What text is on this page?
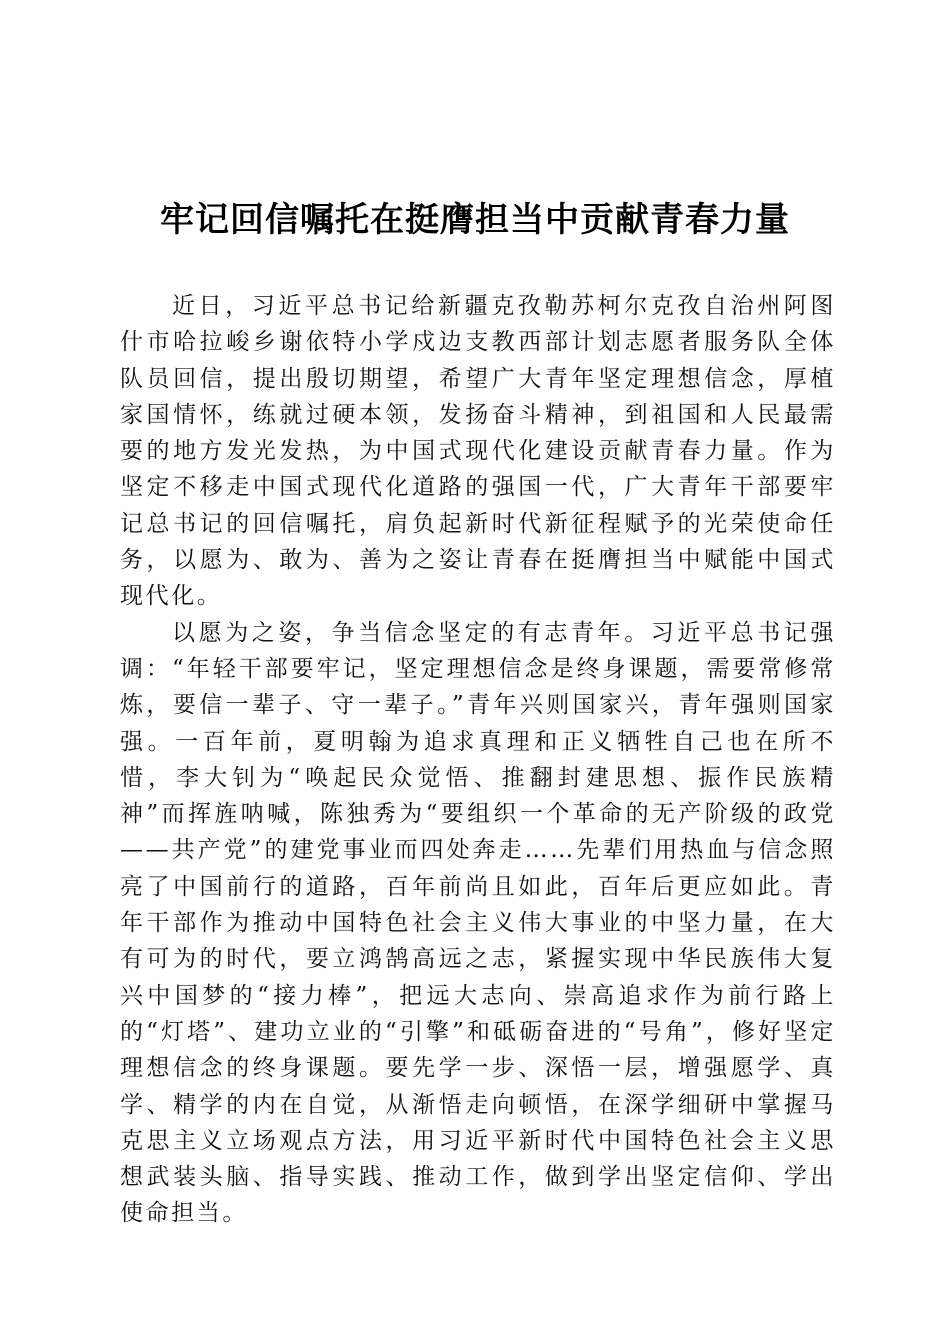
牢记回信嘱托在挺膺担当中贡献青春力量

近日，习近平总书记给新疆克孜勒苏柯尔克孜自治州阿图什市哈拉峻乡谢依特小学戍边支教西部计划志愿者服务队全体队员回信，提出殷切期望，希望广大青年坚定理想信念，厚植家国情怀，练就过硬本领，发扬奋斗精神，到祖国和人民最需要的地方发光发热，为中国式现代化建设贡献青春力量。作为坚定不移走中国式现代化道路的强国一代，广大青年干部要牢记总书记的回信嘱托，肩负起新时代新征程赋予的光荣使命任务，以愿为、敢为、善为之姿让青春在挺膺担当中赋能中国式现代化。

以愿为之姿，争当信念坚定的有志青年。习近平总书记强调：“年轻干部要牢记，坚定理想信念是终身课题，需要常修常炼，要信一辈子、守一辈子。”青年兴则国家兴，青年强则国家强。一百年前，夏明翰为追求真理和正义牺牲自己也在所不惜，李大钊为“唤起民众觉悟、推翻封建思想、振作民族精神”而挥旌呐喊，陈独秀为“要组织一个革命的无产阶级的政党——共产党”的建党事业而四处奔走……先辈们用热血与信念照亮了中国前行的道路，百年前尚且如此，百年后更应如此。青年干部作为推动中国特色社会主义伟大事业的中坚力量，在大有可为的时代，要立鸿鹄高远之志，紧握实现中华民族伟大复兴中国梦的“接力棒”，把远大志向、崇高追求作为前行路上的“灯塔”、建功立业的“引擎”和砥砺奋进的“号角”，修好坚定理想信念的终身课题。要先学一步、深悟一层，增强愿学、真学、精学的内在自觉，从渐悟走向顿悟，在深学细研中掌握马克思主义立场观点方法，用习近平新时代中国特色社会主义思想武装头脑、指导实践、推动工作，做到学出坚定信仰、学出使命担当。
